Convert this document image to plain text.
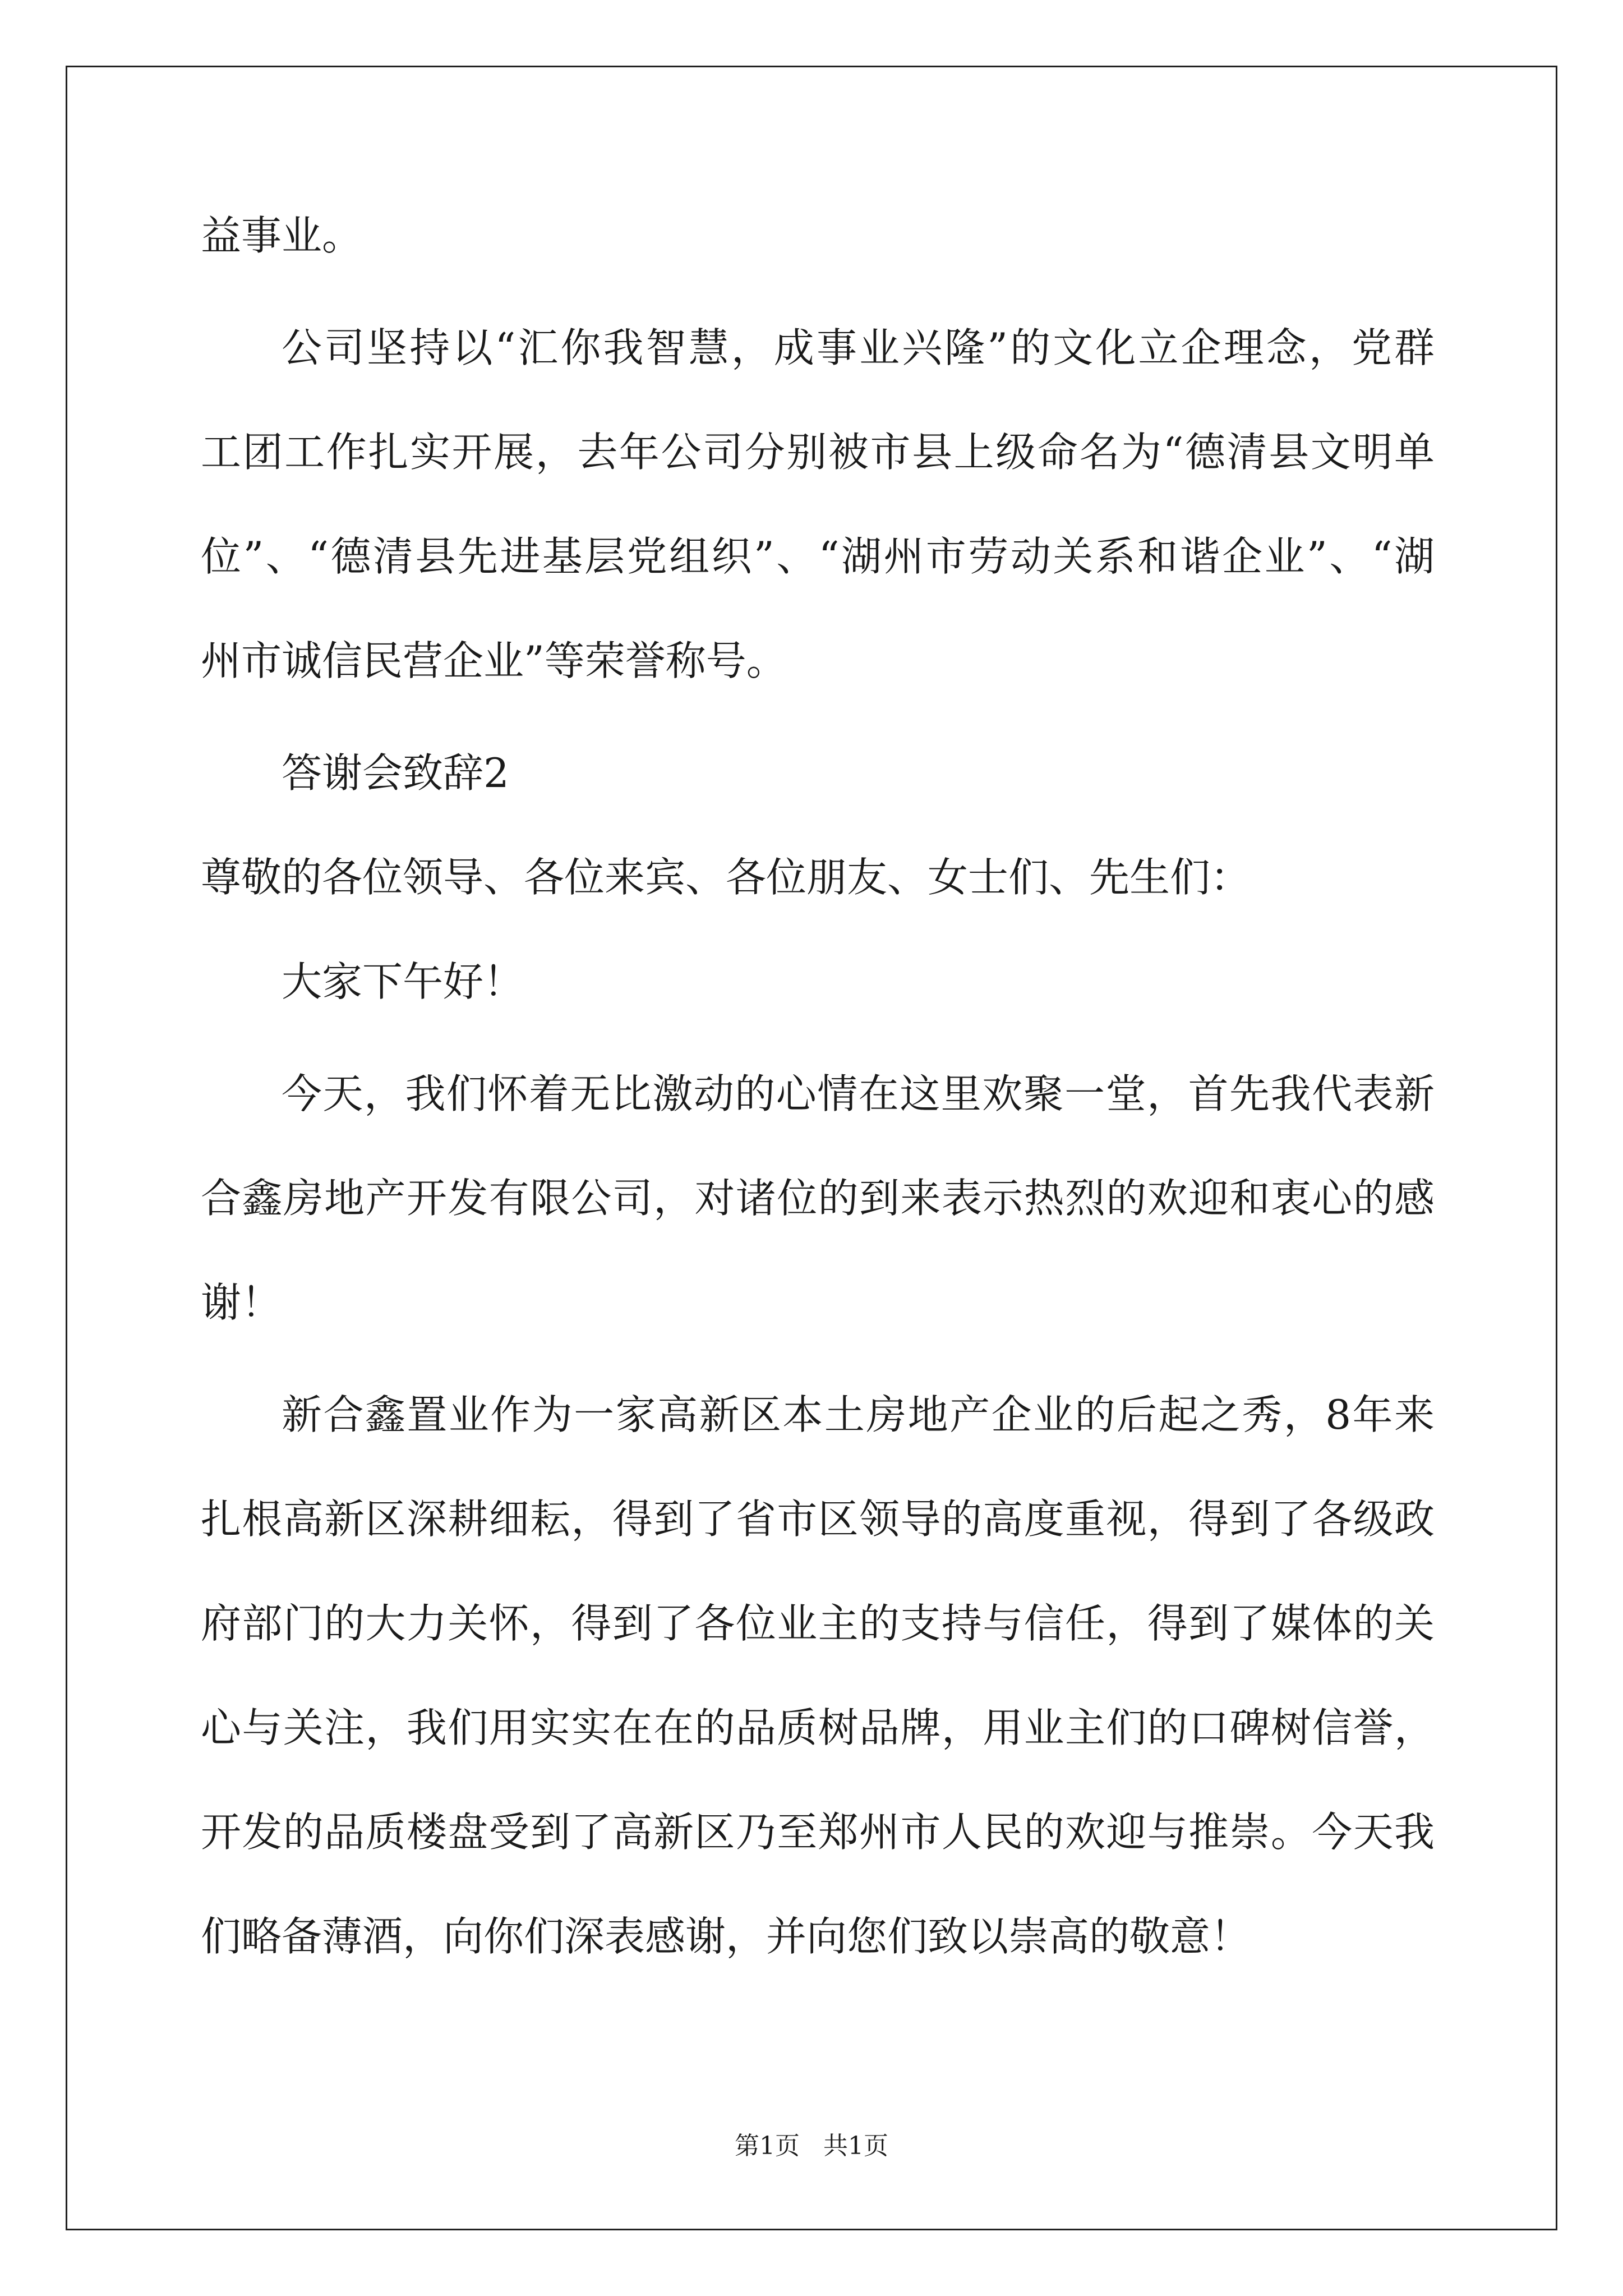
益事业。
公司坚持以“汇你我智慧，成事业兴隆”的文化立企理念，党群
工团工作扎实开展，去年公司分别被市县上级命名为“德清县文明单
位”、“德清县先进基层党组织”、“湖州市劳动关系和谐企业”、“湖
州市诚信民营企业”等荣誉称号。
答谢会致辞2
尊敬的各位领导、各位来宾、各位朋友、女士们、先生们：
大家下午好！
今天，我们怀着无比激动的心情在这里欢聚一堂，首先我代表新
合鑫房地产开发有限公司，对诸位的到来表示热烈的欢迎和衷心的感
谢！
新合鑫置业作为一家高新区本土房地产企业的后起之秀，8年来
扎根高新区深耕细耘，得到了省市区领导的高度重视，得到了各级政
府部门的大力关怀，得到了各位业主的支持与信任，得到了媒体的关
心与关注，我们用实实在在的品质树品牌，用业主们的口碑树信誉，
开发的品质楼盘受到了高新区乃至郑州市人民的欢迎与推崇。今天我
们略备薄酒，向你们深表感谢，并向您们致以崇高的敬意！
第1页   共1页
